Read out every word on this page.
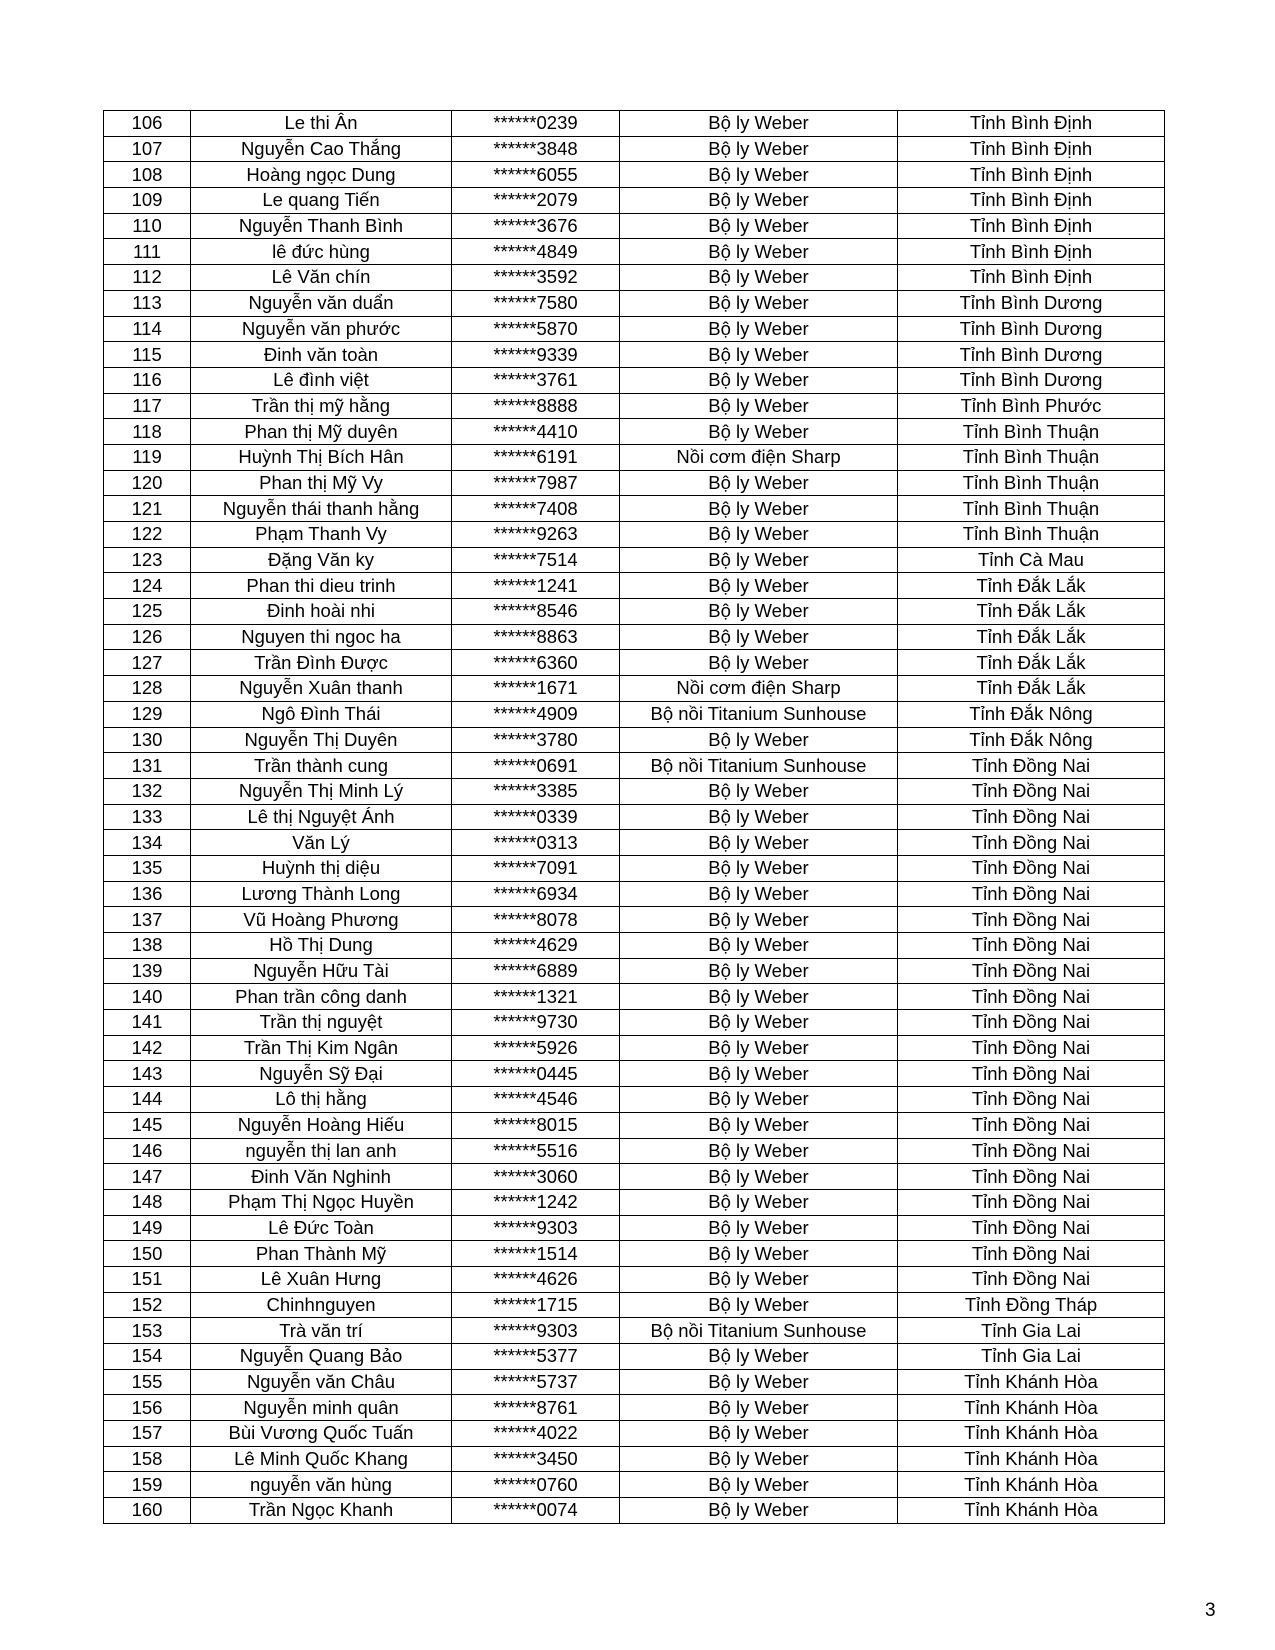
106	Le thi Ân	******0239	Bộ ly Weber	Tỉnh Bình Định
107	Nguyễn Cao Thắng	******3848	Bộ ly Weber	Tỉnh Bình Định
108	Hoàng ngọc Dung	******6055	Bộ ly Weber	Tỉnh Bình Định
109	Le quang Tiến	******2079	Bộ ly Weber	Tỉnh Bình Định
110	Nguyễn Thanh Bình	******3676	Bộ ly Weber	Tỉnh Bình Định
111	lê đức hùng	******4849	Bộ ly Weber	Tỉnh Bình Định
112	Lê Văn chín	******3592	Bộ ly Weber	Tỉnh Bình Định
113	Nguyễn văn duẩn	******7580	Bộ ly Weber	Tỉnh Bình Dương
114	Nguyễn văn phước	******5870	Bộ ly Weber	Tỉnh Bình Dương
115	Đinh văn toàn	******9339	Bộ ly Weber	Tỉnh Bình Dương
116	Lê đình việt	******3761	Bộ ly Weber	Tỉnh Bình Dương
117	Trần thị mỹ hằng	******8888	Bộ ly Weber	Tỉnh Bình Phước
118	Phan thị Mỹ duyên	******4410	Bộ ly Weber	Tỉnh Bình Thuận
119	Huỳnh Thị Bích Hân	******6191	Nồi cơm điện Sharp	Tỉnh Bình Thuận
120	Phan thị Mỹ Vy	******7987	Bộ ly Weber	Tỉnh Bình Thuận
121	Nguyễn thái thanh hằng	******7408	Bộ ly Weber	Tỉnh Bình Thuận
122	Phạm Thanh Vy	******9263	Bộ ly Weber	Tỉnh Bình Thuận
123	Đặng Văn ky	******7514	Bộ ly Weber	Tỉnh Cà Mau
124	Phan thi dieu trinh	******1241	Bộ ly Weber	Tỉnh Đắk Lắk
125	Đinh hoài nhi	******8546	Bộ ly Weber	Tỉnh Đắk Lắk
126	Nguyen thi ngoc ha	******8863	Bộ ly Weber	Tỉnh Đắk Lắk
127	Trần Đình Được	******6360	Bộ ly Weber	Tỉnh Đắk Lắk
128	Nguyễn Xuân thanh	******1671	Nồi cơm điện Sharp	Tỉnh Đắk Lắk
129	Ngô Đình Thái	******4909	Bộ nồi Titanium Sunhouse	Tỉnh Đắk Nông
130	Nguyễn Thị Duyên	******3780	Bộ ly Weber	Tỉnh Đắk Nông
131	Trần thành cung	******0691	Bộ nồi Titanium Sunhouse	Tỉnh Đồng Nai
132	Nguyễn Thị Minh Lý	******3385	Bộ ly Weber	Tỉnh Đồng Nai
133	Lê thị Nguyệt Ánh	******0339	Bộ ly Weber	Tỉnh Đồng Nai
134	Văn Lý	******0313	Bộ ly Weber	Tỉnh Đồng Nai
135	Huỳnh thị diệu	******7091	Bộ ly Weber	Tỉnh Đồng Nai
136	Lương Thành Long	******6934	Bộ ly Weber	Tỉnh Đồng Nai
137	Vũ Hoàng Phương	******8078	Bộ ly Weber	Tỉnh Đồng Nai
138	Hồ Thị Dung	******4629	Bộ ly Weber	Tỉnh Đồng Nai
139	Nguyễn Hữu Tài	******6889	Bộ ly Weber	Tỉnh Đồng Nai
140	Phan trần công danh	******1321	Bộ ly Weber	Tỉnh Đồng Nai
141	Trần thị nguyệt	******9730	Bộ ly Weber	Tỉnh Đồng Nai
142	Trần Thị Kim Ngân	******5926	Bộ ly Weber	Tỉnh Đồng Nai
143	Nguyễn Sỹ Đại	******0445	Bộ ly Weber	Tỉnh Đồng Nai
144	Lô thị hằng	******4546	Bộ ly Weber	Tỉnh Đồng Nai
145	Nguyễn Hoàng Hiếu	******8015	Bộ ly Weber	Tỉnh Đồng Nai
146	nguyễn thị lan anh	******5516	Bộ ly Weber	Tỉnh Đồng Nai
147	Đinh Văn Nghinh	******3060	Bộ ly Weber	Tỉnh Đồng Nai
148	Phạm Thị Ngọc Huyền	******1242	Bộ ly Weber	Tỉnh Đồng Nai
149	Lê Đức Toàn	******9303	Bộ ly Weber	Tỉnh Đồng Nai
150	Phan Thành Mỹ	******1514	Bộ ly Weber	Tỉnh Đồng Nai
151	Lê Xuân Hưng	******4626	Bộ ly Weber	Tỉnh Đồng Nai
152	Chinhnguyen	******1715	Bộ ly Weber	Tỉnh Đồng Tháp
153	Trà văn trí	******9303	Bộ nồi Titanium Sunhouse	Tỉnh Gia Lai
154	Nguyễn Quang Bảo	******5377	Bộ ly Weber	Tỉnh Gia Lai
155	Nguyễn văn Châu	******5737	Bộ ly Weber	Tỉnh Khánh Hòa
156	Nguyễn minh quân	******8761	Bộ ly Weber	Tỉnh Khánh Hòa
157	Bùi Vương Quốc Tuấn	******4022	Bộ ly Weber	Tỉnh Khánh Hòa
158	Lê Minh Quốc Khang	******3450	Bộ ly Weber	Tỉnh Khánh Hòa
159	nguyễn văn hùng	******0760	Bộ ly Weber	Tỉnh Khánh Hòa
160	Trần Ngọc Khanh	******0074	Bộ ly Weber	Tỉnh Khánh Hòa
3
